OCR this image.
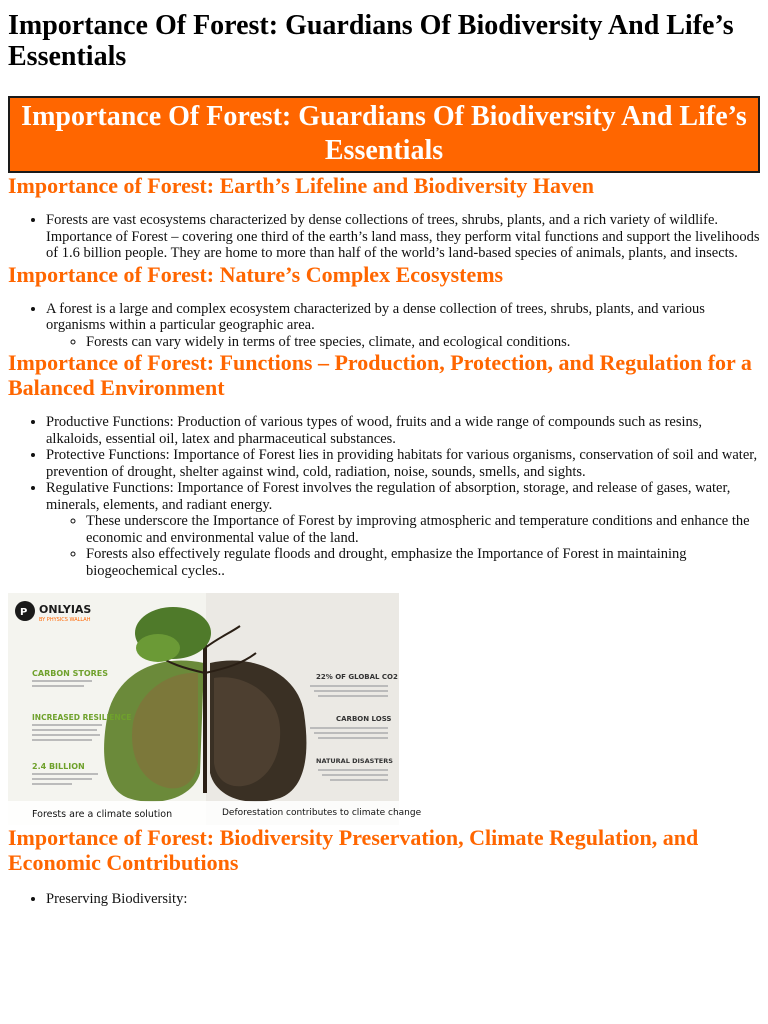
Importance Of Forest: Guardians Of Biodiversity And Life’s Essentials
Importance Of Forest: Guardians Of Biodiversity And Life’s Essentials
Importance of Forest: Earth’s Lifeline and Biodiversity Haven
• Forests are vast ecosystems characterized by dense collections of trees, shrubs, plants, and a rich variety of wildlife. Importance of Forest – covering one third of the earth’s land mass, they perform vital functions and support the livelihoods of 1.6 billion people. They are home to more than half of the world’s land-based species of animals, plants, and insects.
Importance of Forest: Nature’s Complex Ecosystems
• A forest is a large and complex ecosystem characterized by a dense collection of trees, shrubs, plants, and various organisms within a particular geographic area.
◦ Forests can vary widely in terms of tree species, climate, and ecological conditions.
Importance of Forest: Functions – Production, Protection, and Regulation for a Balanced Environment
• Productive Functions: Production of various types of wood, fruits and a wide range of compounds such as resins, alkaloids, essential oil, latex and pharmaceutical substances.
• Protective Functions: Importance of Forest lies in providing habitats for various organisms, conservation of soil and water, prevention of drought, shelter against wind, cold, radiation, noise, sounds, smells, and sights.
• Regulative Functions: Importance of Forest involves the regulation of absorption, storage, and release of gases, water, minerals, elements, and radiant energy.
◦ These underscore the Importance of Forest by improving atmospheric and temperature conditions and enhance the economic and environmental value of the land.
◦ Forests also effectively regulate floods and drought, emphasize the Importance of Forest in maintaining biogeochemical cycles..
P ONLYIAS
BY PHYSICS WALLAH
CARBON STORES
INCREASED RESILIENCE
2.4 BILLION
22% OF GLOBAL CO2
CARBON LOSS
NATURAL DISASTERS
Forests are a climate solution	Deforestation contributes to climate change
Importance of Forest: Biodiversity Preservation, Climate Regulation, and Economic Contributions
• Preserving Biodiversity:
